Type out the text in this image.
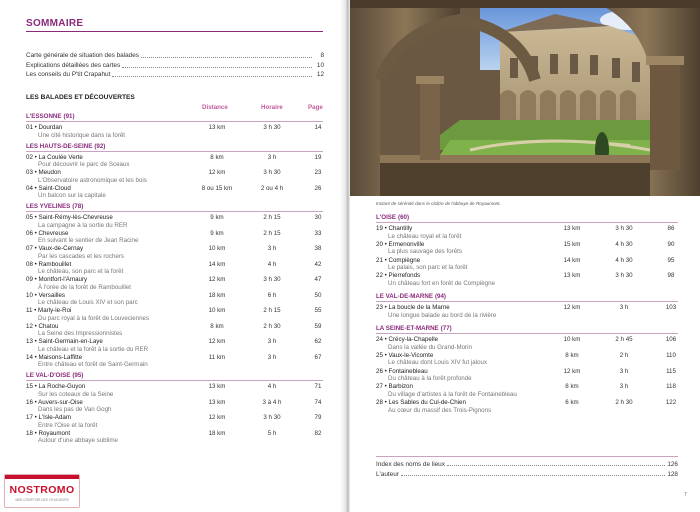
SOMMAIRE
Carte générale de situation des balades	8
Explications détaillées des cartes	10
Les conseils du P'tit Crapahut	12
LES BALADES ET DÉCOUVERTES
Distance	Horaire	Page
L'ESSONNE (91)
01 • Dourdan
Une cité historique dans la forêt
13 km	3 h 30	14
LES HAUTS-DE-SEINE (92)
02 • La Coulée Verte
Pour découvrir le parc de Sceaux
8 km	3 h	19
03 • Meudon
L'Observatoire astronomique et les bois
12 km	3 h 30	23
04 • Saint-Cloud
Un balcon sur la capitale
8 ou 15 km	2 ou 4 h	26
LES YVELINES (78)
05 • Saint-Rémy-lès-Chevreuse
La campagne à la sortie du RER
9 km	2 h 15	30
06 • Chevreuse
En suivant le sentier de Jean Racine
9 km	2 h 15	33
07 • Vaux-de-Cernay
Par les cascades et les rochers
10 km	3 h	38
08 • Rambouillet
Le château, son parc et la forêt
14 km	4 h	42
09 • Montfort-l'Amaury
À l'orée de la forêt de Rambouillet
12 km	3 h 30	47
10 • Versailles
Le château de Louis XIV et son parc
18 km	6 h	50
11 • Marly-le-Roi
Du parc royal à la forêt de Louveciennes
10 km	2 h 15	55
12 • Chatou
La Seine des Impressionnistes
8 km	2 h 30	59
13 • Saint-Germain-en-Laye
Le château et la forêt à la sortie du RER
12 km	3 h	62
14 • Maisons-Laffitte
Entre château et forêt de Saint-Germain
11 km	3 h	67
LE VAL-D'OISE (95)
15 • La Roche-Guyon
Sur les coteaux de la Seine
13 km	4 h	71
16 • Auvers-sur-Oise
Dans les pas de Van Gogh
13 km	3 à 4 h	74
17 • L'Isle-Adam
Entre l'Oise et la forêt
12 km	3 h 30	79
18 • Royaumont
Autour d'une abbaye sublime
18 km	5 h	82
Instant de sérénité dans le cloître de l'abbaye de Royaumont.
L'OISE (60)
19 • Chantilly
Le château royal et la forêt
13 km	3 h 30	86
20 • Ermenonville
La plus sauvage des forêts
15 km	4 h 30	90
21 • Compiègne
Le palais, son parc et la forêt
14 km	4 h 30	95
22 • Pierrefonds
Un château fort en forêt de Compiègne
13 km	3 h 30	98
LE VAL-DE-MARNE (94)
23 • La boucle de la Marne
Une longue balade au bord de la rivière
12 km	3 h	103
LA SEINE-ET-MARNE (77)
24 • Crécy-la-Chapelle
Dans la vallée du Grand-Morin
10 km	2 h 45	106
25 • Vaux-le-Vicomte
Le château dont Louis XIV fut jaloux
8 km	2 h	110
26 • Fontainebleau
Du château à la forêt profonde
12 km	3 h	115
27 • Barbizon
Du village d'artistes à la forêt de Fontainebleau
8 km	3 h	118
28 • Les Sables du Cul-de-Chien
Au cœur du massif des Trois-Pignons
6 km	2 h 30	122
Index des noms de lieux	126
L'auteur	128
7
NOSTROMO
WEB COMPTOIR DES VOYAGEURS
